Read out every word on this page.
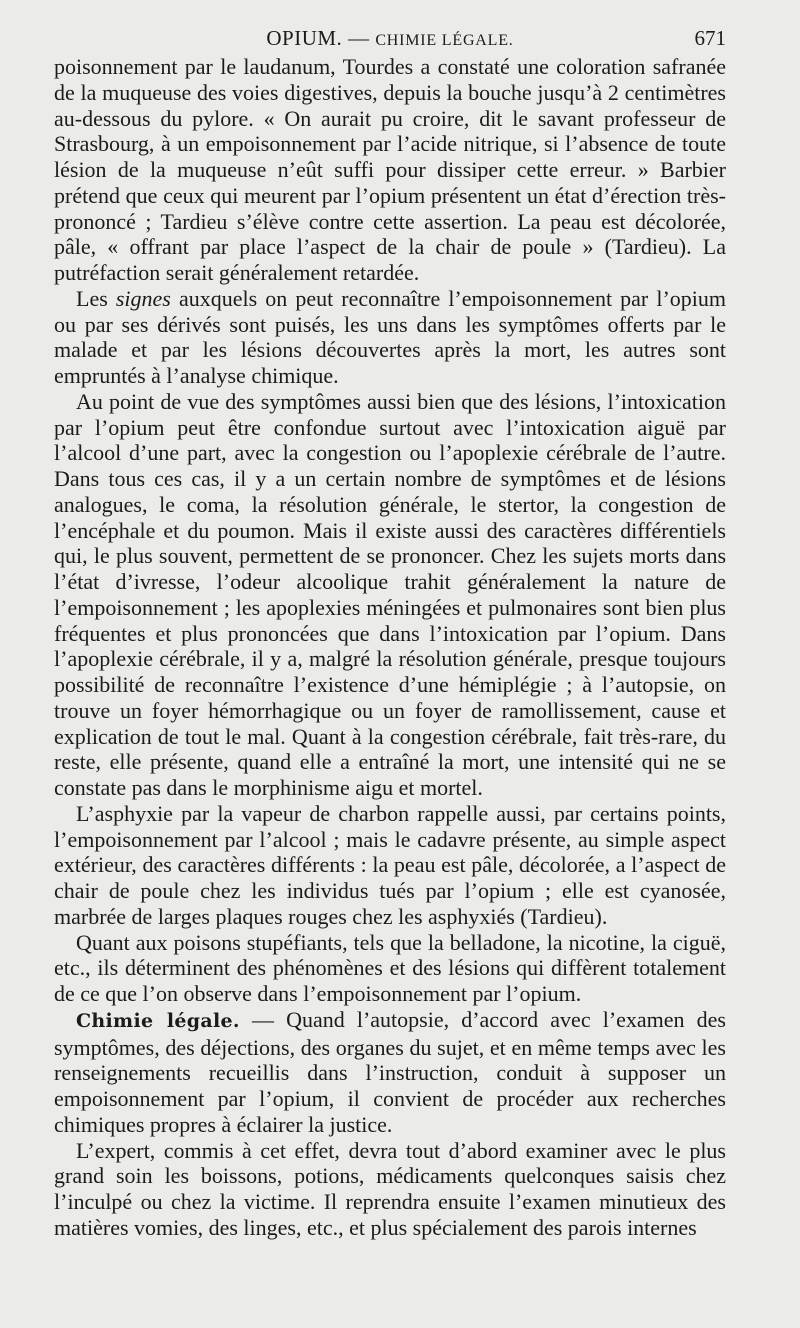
OPIUM. — CHIMIE LÉGALE.	671

poisonnement par le laudanum, Tourdes a constaté une coloration safranée de la muqueuse des voies digestives, depuis la bouche jusqu’à 2 centimètres au-dessous du pylore. « On aurait pu croire, dit le savant professeur de Strasbourg, à un empoisonnement par l’acide nitrique, si l’absence de toute lésion de la muqueuse n’eût suffi pour dissiper cette erreur. » Barbier prétend que ceux qui meurent par l’opium présentent un état d’érection très-prononcé ; Tardieu s’élève contre cette assertion. La peau est décolorée, pâle, « offrant par place l’aspect de la chair de poule » (Tardieu). La putréfaction serait généralement retardée.

Les signes auxquels on peut reconnaître l’empoisonnement par l’opium ou par ses dérivés sont puisés, les uns dans les symptômes offerts par le malade et par les lésions découvertes après la mort, les autres sont empruntés à l’analyse chimique.

Au point de vue des symptômes aussi bien que des lésions, l’intoxication par l’opium peut être confondue surtout avec l’intoxication aiguë par l’alcool d’une part, avec la congestion ou l’apoplexie cérébrale de l’autre. Dans tous ces cas, il y a un certain nombre de symptômes et de lésions analogues, le coma, la résolution générale, le stertor, la congestion de l’encéphale et du poumon. Mais il existe aussi des caractères différentiels qui, le plus souvent, permettent de se prononcer. Chez les sujets morts dans l’état d’ivresse, l’odeur alcoolique trahit généralement la nature de l’empoisonnement ; les apoplexies méningées et pulmonaires sont bien plus fréquentes et plus prononcées que dans l’intoxication par l’opium. Dans l’apoplexie cérébrale, il y a, malgré la résolution générale, presque toujours possibilité de reconnaître l’existence d’une hémiplégie ; à l’autopsie, on trouve un foyer hémorrhagique ou un foyer de ramollissement, cause et explication de tout le mal. Quant à la congestion cérébrale, fait très-rare, du reste, elle présente, quand elle a entraîné la mort, une intensité qui ne se constate pas dans le morphinisme aigu et mortel.

L’asphyxie par la vapeur de charbon rappelle aussi, par certains points, l’empoisonnement par l’alcool ; mais le cadavre présente, au simple aspect extérieur, des caractères différents : la peau est pâle, décolorée, a l’aspect de chair de poule chez les individus tués par l’opium ; elle est cyanosée, marbrée de larges plaques rouges chez les asphyxiés (Tardieu).

Quant aux poisons stupéfiants, tels que la belladone, la nicotine, la ciguë, etc., ils déterminent des phénomènes et des lésions qui diffèrent totalement de ce que l’on observe dans l’empoisonnement par l’opium.

Chimie légale. — Quand l’autopsie, d’accord avec l’examen des symptômes, des déjections, des organes du sujet, et en même temps avec les renseignements recueillis dans l’instruction, conduit à supposer un empoisonnement par l’opium, il convient de procéder aux recherches chimiques propres à éclairer la justice.

L’expert, commis à cet effet, devra tout d’abord examiner avec le plus grand soin les boissons, potions, médicaments quelconques saisis chez l’inculpé ou chez la victime. Il reprendra ensuite l’examen minutieux des matières vomies, des linges, etc., et plus spécialement des parois internes
